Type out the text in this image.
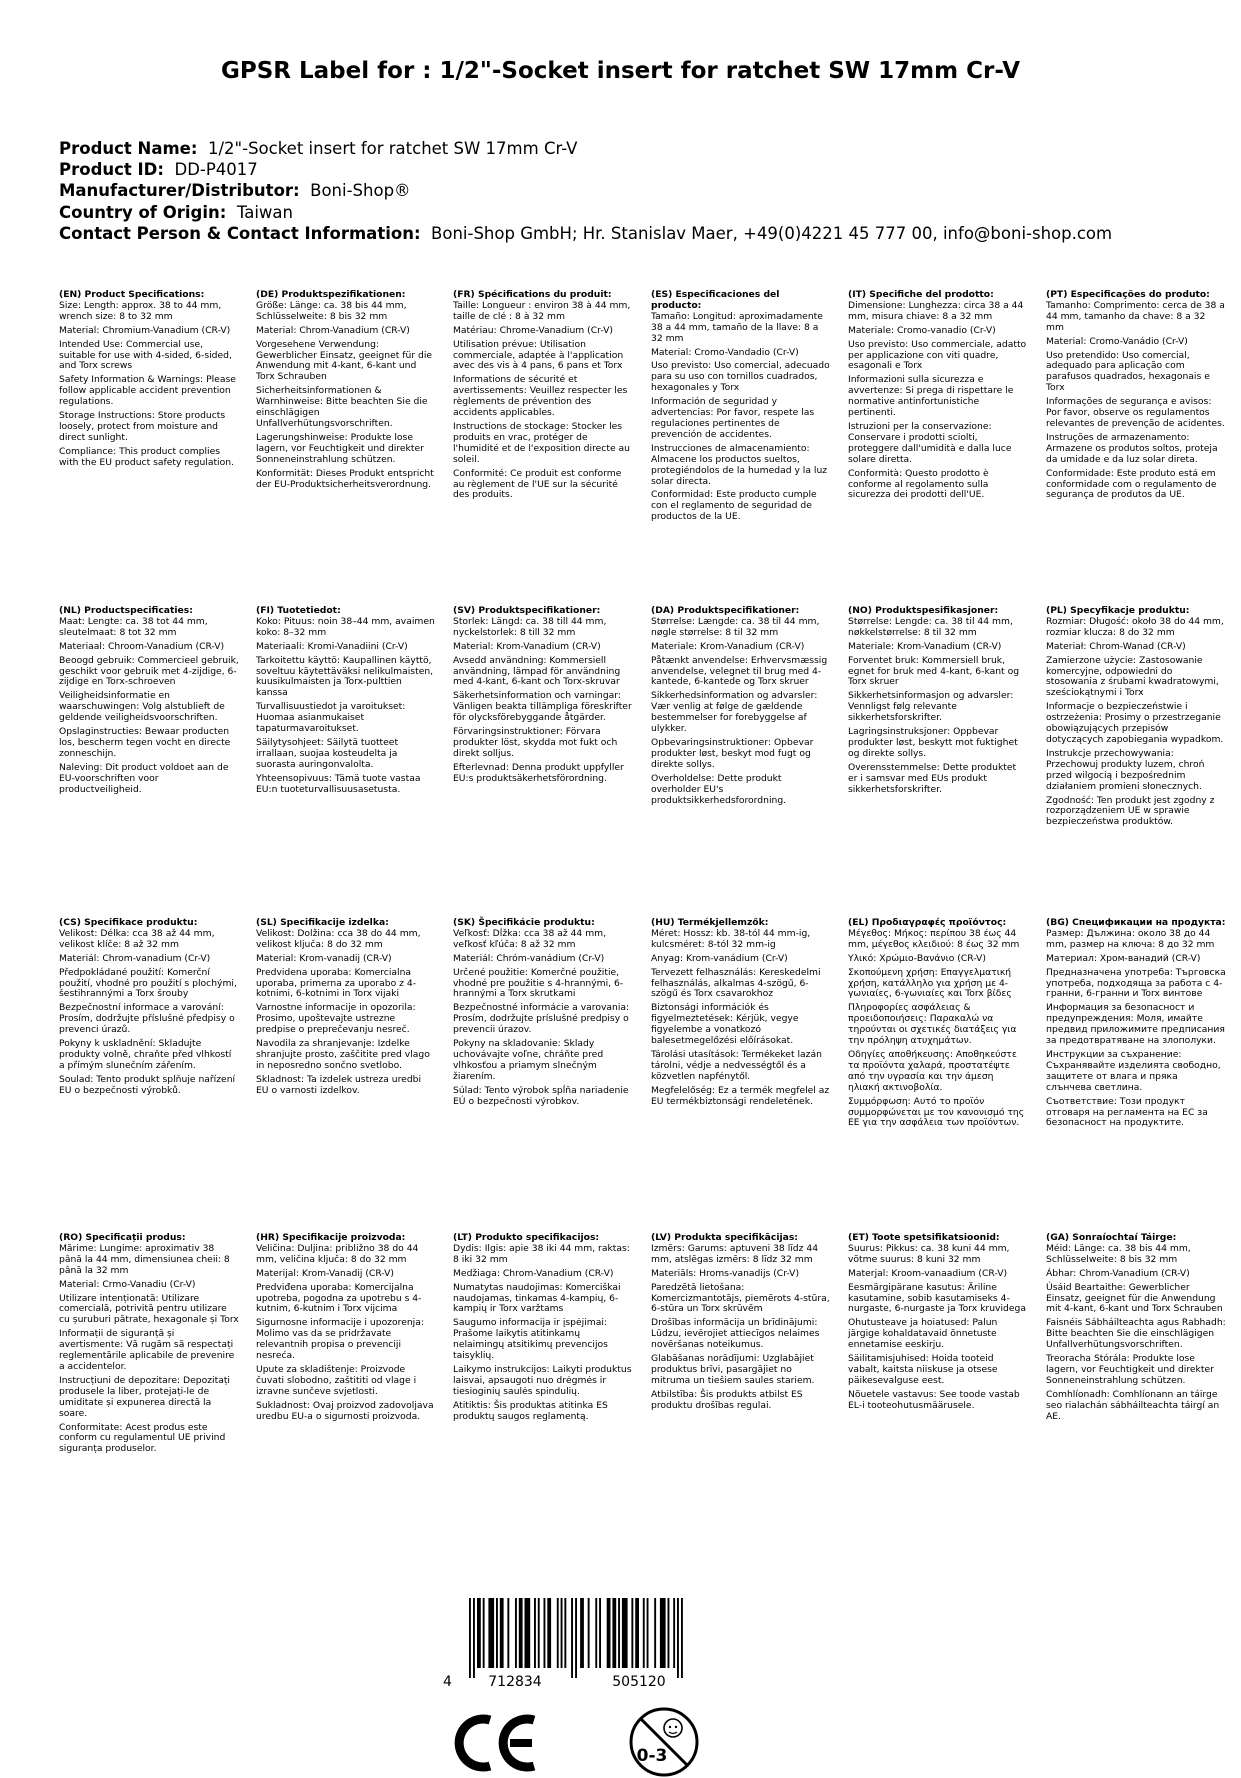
GPSR Label for : 1/2"-Socket insert for ratchet SW 17mm Cr-V
Product Name: 1/2"-Socket insert for ratchet SW 17mm Cr-V
Product ID: DD-P4017
Manufacturer/Distributor: Boni-Shop®
Country of Origin: Taiwan
Contact Person & Contact Information: Boni-Shop GmbH; Hr. Stanislav Maer, +49(0)4221 45 777 00, info@boni-shop.com
(EN) Product Specifications:
Size: Length: approx. 38 to 44 mm, wrench size: 8 to 32 mm
Material: Chromium-Vanadium (CR-V)
Intended Use: Commercial use, suitable for use with 4-sided, 6-sided, and Torx screws
Safety Information & Warnings: Please follow applicable accident prevention regulations.
Storage Instructions: Store products loosely, protect from moisture and direct sunlight.
Compliance: This product complies with the EU product safety regulation.
(DE) Produktspezifikationen:
Größe: Länge: ca. 38 bis 44 mm, Schlüsselweite: 8 bis 32 mm
Material: Chrom-Vanadium (CR-V)
Vorgesehene Verwendung: Gewerblicher Einsatz, geeignet für die Anwendung mit 4-kant, 6-kant und Torx Schrauben
Sicherheitsinformationen & Warnhinweise: Bitte beachten Sie die einschlägigen Unfallverhütungsvorschriften.
Lagerungshinweise: Produkte lose lagern, vor Feuchtigkeit und direkter Sonneneinstrahlung schützen.
Konformität: Dieses Produkt entspricht der EU-Produktsicherheitsverordnung.
(FR) Spécifications du produit:
Taille: Longueur : environ 38 à 44 mm, taille de clé : 8 à 32 mm
Matériau: Chrome-Vanadium (Cr-V)
Utilisation prévue: Utilisation commerciale, adaptée à l'application avec des vis à 4 pans, 6 pans et Torx
Informations de sécurité et avertissements: Veuillez respecter les règlements de prévention des accidents applicables.
Instructions de stockage: Stocker les produits en vrac, protéger de l'humidité et de l'exposition directe au soleil.
Conformité: Ce produit est conforme au règlement de l'UE sur la sécurité des produits.
(ES) Especificaciones del producto:
Tamaño: Longitud: aproximadamente 38 a 44 mm, tamaño de la llave: 8 a 32 mm
Material: Cromo-Vandadio (Cr-V)
Uso previsto: Uso comercial, adecuado para su uso con tornillos cuadrados, hexagonales y Torx
Información de seguridad y advertencias: Por favor, respete las regulaciones pertinentes de prevención de accidentes.
Instrucciones de almacenamiento: Almacene los productos sueltos, protegiéndolos de la humedad y la luz solar directa.
Conformidad: Este producto cumple con el reglamento de seguridad de productos de la UE.
(IT) Specifiche del prodotto:
Dimensione: Lunghezza: circa 38 a 44 mm, misura chiave: 8 a 32 mm
Materiale: Cromo-vanadio (Cr-V)
Uso previsto: Uso commerciale, adatto per applicazione con viti quadre, esagonali e Torx
Informazioni sulla sicurezza e avvertenze: Si prega di rispettare le normative antinfortunistiche pertinenti.
Istruzioni per la conservazione: Conservare i prodotti sciolti, proteggere dall'umidità e dalla luce solare diretta.
Conformità: Questo prodotto è conforme al regolamento sulla sicurezza dei prodotti dell'UE.
(PT) Especificações do produto:
Tamanho: Comprimento: cerca de 38 a 44 mm, tamanho da chave: 8 a 32 mm
Material: Cromo-Vanádio (Cr-V)
Uso pretendido: Uso comercial, adequado para aplicação com parafusos quadrados, hexagonais e Torx
Informações de segurança e avisos: Por favor, observe os regulamentos relevantes de prevenção de acidentes.
Instruções de armazenamento: Armazene os produtos soltos, proteja da umidade e da luz solar direta.
Conformidade: Este produto está em conformidade com o regulamento de segurança de produtos da UE.
(NL) Productspecificaties:
Maat: Lengte: ca. 38 tot 44 mm, sleutelmaat: 8 tot 32 mm
Materiaal: Chroom-Vanadium (CR-V)
Beoogd gebruik: Commercieel gebruik, geschikt voor gebruik met 4-zijdige, 6-zijdige en Torx-schroeven
Veiligheidsinformatie en waarschuwingen: Volg alstublieft de geldende veiligheidsvoorschriften.
Opslaginstructies: Bewaar producten los, bescherm tegen vocht en directe zonneschijn.
Naleving: Dit product voldoet aan de EU-voorschriften voor productveiligheid.
(FI) Tuotetiedot:
Koko: Pituus: noin 38–44 mm, avaimen koko: 8–32 mm
Materiaali: Kromi-Vanadiini (Cr-V)
Tarkoitettu käyttö: Kaupallinen käyttö, soveltuu käytettäväksi nelikulmaisten, kuusikulmaisten ja Torx-pulttien kanssa
Turvallisuustiedot ja varoitukset: Huomaa asianmukaiset tapaturmavaroitukset.
Säilytysohjeet: Säilytä tuotteet irrallaan, suojaa kosteudelta ja suorasta auringonvalolta.
Yhteensopivuus: Tämä tuote vastaa EU:n tuoteturvallisuusasetusta.
(SV) Produktspecifikationer:
Storlek: Längd: ca. 38 till 44 mm, nyckelstorlek: 8 till 32 mm
Material: Krom-Vanadium (CR-V)
Avsedd användning: Kommersiell användning, lämpad för användning med 4-kant, 6-kant och Torx-skruvar
Säkerhetsinformation och varningar: Vänligen beakta tillämpliga föreskrifter för olycksförebyggande åtgärder.
Förvaringsinstruktioner: Förvara produkter löst, skydda mot fukt och direkt solljus.
Efterlevnad: Denna produkt uppfyller EU:s produktsäkerhetsförordning.
(DA) Produktspecifikationer:
Størrelse: Længde: ca. 38 til 44 mm, nøgle størrelse: 8 til 32 mm
Materiale: Krom-Vanadium (CR-V)
Påtænkt anvendelse: Erhvervsmæssig anvendelse, velegnet til brug med 4-kantede, 6-kantede og Torx skruer
Sikkerhedsinformation og advarsler: Vær venlig at følge de gældende bestemmelser for forebyggelse af ulykker.
Opbevaringsinstruktioner: Opbevar produkter løst, beskyt mod fugt og direkte sollys.
Overholdelse: Dette produkt overholder EU's produktsikkerhedsforordning.
(NO) Produktspesifikasjoner:
Størrelse: Lengde: ca. 38 til 44 mm, nøkkelstørrelse: 8 til 32 mm
Materiale: Krom-Vanadium (CR-V)
Forventet bruk: Kommersiell bruk, egnet for bruk med 4-kant, 6-kant og Torx skruer
Sikkerhetsinformasjon og advarsler: Vennligst følg relevante sikkerhetsforskrifter.
Lagringsinstruksjoner: Oppbevar produkter løst, beskytt mot fuktighet og direkte sollys.
Overensstemmelse: Dette produktet er i samsvar med EUs produkt sikkerhetsforskrifter.
(PL) Specyfikacje produktu:
Rozmiar: Długość: około 38 do 44 mm, rozmiar klucza: 8 do 32 mm
Materiał: Chrom-Wanad (CR-V)
Zamierzone użycie: Zastosowanie komercyjne, odpowiedni do stosowania z śrubami kwadratowymi, sześciokątnymi i Torx
Informacje o bezpieczeństwie i ostrzeżenia: Prosimy o przestrzeganie obowiązujących przepisów dotyczących zapobiegania wypadkom.
Instrukcje przechowywania: Przechowuj produkty luzem, chroń przed wilgocią i bezpośrednim działaniem promieni słonecznych.
Zgodność: Ten produkt jest zgodny z rozporządzeniem UE w sprawie bezpieczeństwa produktów.
(CS) Specifikace produktu:
Velikost: Délka: cca 38 až 44 mm, velikost klíče: 8 až 32 mm
Materiál: Chrom-vanadium (Cr-V)
Předpokládané použití: Komerční použití, vhodné pro použití s plochými, šestihrannými a Torx šrouby
Bezpečnostní informace a varování: Prosím, dodržujte příslušné předpisy o prevenci úrazů.
Pokyny k uskladnění: Skladujte produkty volně, chraňte před vlhkostí a přímým slunečním zářením.
Soulad: Tento produkt splňuje nařízení EU o bezpečnosti výrobků.
(SL) Specifikacije izdelka:
Velikost: Dolžina: cca 38 do 44 mm, velikost ključa: 8 do 32 mm
Material: Krom-vanadij (CR-V)
Predvidena uporaba: Komercialna uporaba, primerna za uporabo z 4-kotnimi, 6-kotnimi in Torx vijaki
Varnostne informacije in opozorila: Prosimo, upoštevajte ustrezne predpise o preprečevanju nesreč.
Navodila za shranjevanje: Izdelke shranjujte prosto, zaščitite pred vlago in neposredno sončno svetlobo.
Skladnost: Ta izdelek ustreza uredbi EU o varnosti izdelkov.
(SK) Špecifikácie produktu:
Veľkosť: Dĺžka: cca 38 až 44 mm, veľkosť kľúča: 8 až 32 mm
Materiál: Chróm-vanádium (Cr-V)
Určené použitie: Komerčné použitie, vhodné pre použitie s 4-hrannými, 6-hrannými a Torx skrutkami
Bezpečnostné informácie a varovania: Prosím, dodržujte príslušné predpisy o prevencii úrazov.
Pokyny na skladovanie: Sklady uchovávajte voľne, chráňte pred vlhkosťou a priamym slnečným žiarením.
Súlad: Tento výrobok spĺňa nariadenie EÚ o bezpečnosti výrobkov.
(HU) Termékjellemzők:
Méret: Hossz: kb. 38-tól 44 mm-ig, kulcsméret: 8-tól 32 mm-ig
Anyag: Krom-vanádium (Cr-V)
Tervezett felhasználás: Kereskedelmi felhasználás, alkalmas 4-szögű, 6-szögű és Torx csavarokhoz
Biztonsági információk és figyelmeztetések: Kérjük, vegye figyelembe a vonatkozó balesetmegelőzési előírásokat.
Tárolási utasítások: Termékeket lazán tárolni, védje a nedvességtől és a közvetlen napfénytől.
Megfelelőség: Ez a termék megfelel az EU termékbiztonsági rendeletének.
(EL) Προδιαγραφές προϊόντος:
Μέγεθος: Μήκος: περίπου 38 έως 44 mm, μέγεθος κλειδιού: 8 έως 32 mm
Υλικό: Χρώμιο-Βανάνιο (CR-V)
Σκοπούμενη χρήση: Επαγγελματική χρήση, κατάλληλο για χρήση με 4-γωνιαίες, 6-γωνιαίες και Torx βίδες
Πληροφορίες ασφάλειας & προειδοποιήσεις: Παρακαλώ να τηρούνται οι σχετικές διατάξεις για την πρόληψη ατυχημάτων.
Οδηγίες αποθήκευσης: Αποθηκεύστε τα προϊόντα χαλαρά, προστατέψτε από την υγρασία και την άμεση ηλιακή ακτινοβολία.
Συμμόρφωση: Αυτό το προϊόν συμμορφώνεται με τον κανονισμό της ΕΕ για την ασφάλεια των προϊόντων.
(BG) Спецификации на продукта:
Размер: Дължина: около 38 до 44 mm, размер на ключа: 8 до 32 mm
Материал: Хром-ванадий (CR-V)
Предназначена употреба: Търговска употреба, подходяща за работа с 4-гранни, 6-гранни и Torx винтове
Информация за безопасност и предупреждения: Моля, имайте предвид приложимите предписания за предотвратяване на злополуки.
Инструкции за съхранение: Съхранявайте изделията свободно, защитете от влага и пряка слънчева светлина.
Съответствие: Този продукт отговаря на регламента на ЕС за безопасност на продуктите.
(RO) Specificații produs:
Mărime: Lungime: aproximativ 38 până la 44 mm, dimensiunea cheii: 8 până la 32 mm
Material: Crmo-Vanadiu (Cr-V)
Utilizare intenționată: Utilizare comercială, potrivită pentru utilizare cu șuruburi pătrate, hexagonale și Torx
Informații de siguranță și avertismente: Vă rugăm să respectați reglementările aplicabile de prevenire a accidentelor.
Instrucțiuni de depozitare: Depozitați produsele la liber, protejați-le de umiditate și expunerea directă la soare.
Conformitate: Acest produs este conform cu regulamentul UE privind siguranța produselor.
(HR) Specifikacije proizvoda:
Veličina: Duljina: približno 38 do 44 mm, veličina ključa: 8 do 32 mm
Materijal: Krom-Vanadij (CR-V)
Predviđena uporaba: Komercijalna upotreba, pogodna za upotrebu s 4-kutnim, 6-kutnim i Torx vijcima
Sigurnosne informacije i upozorenja: Molimo vas da se pridržavate relevantnih propisa o prevenciji nesreća.
Upute za skladištenje: Proizvode čuvati slobodno, zaštititi od vlage i izravne sunčeve svjetlosti.
Sukladnost: Ovaj proizvod zadovoljava uredbu EU-a o sigurnosti proizvoda.
(LT) Produkto specifikacijos:
Dydis: Ilgis: apie 38 iki 44 mm, raktas: 8 iki 32 mm
Medžiaga: Chrom-Vanadium (CR-V)
Numatytas naudojimas: Komerciškai naudojamas, tinkamas 4-kampių, 6-kampių ir Torx varžtams
Saugumo informacija ir įspėjimai: Prašome laikytis atitinkamų nelaimingų atsitikimų prevencijos taisyklių.
Laikymo instrukcijos: Laikyti produktus laisvai, apsaugoti nuo drėgmės ir tiesioginių saulės spindulių.
Atitiktis: Šis produktas atitinka ES produktų saugos reglamentą.
(LV) Produkta specifikācijas:
Izmērs: Garums: aptuveni 38 līdz 44 mm, atslēgas izmērs: 8 līdz 32 mm
Materiāls: Hroms-vanadijs (Cr-V)
Paredzētā lietošana: Komercizmantotājs, piemērots 4-stūra, 6-stūra un Torx skrūvēm
Drošības informācija un brīdinājumi: Lūdzu, ievērojiet attiecīgos nelaimes novēršanas noteikumus.
Glabāšanas norādījumi: Uzglabājiet produktus brīvi, pasargājiet no mitruma un tiešiem saules stariem.
Atbilstība: Šis produkts atbilst ES produktu drošības regulai.
(ET) Toote spetsifikatsioonid:
Suurus: Pikkus: ca. 38 kuni 44 mm, võtme suurus: 8 kuni 32 mm
Materjal: Kroom-vanaadium (CR-V)
Eesmärgipärane kasutus: Äriline kasutamine, sobib kasutamiseks 4-nurgaste, 6-nurgaste ja Torx kruvidega
Ohutusteave ja hoiatused: Palun järgige kohaldatavaid õnnetuste ennetamise eeskirju.
Säilitamisjuhised: Hoida tooteid vabalt, kaitsta niiskuse ja otsese päikesevalguse eest.
Nõuetele vastavus: See toode vastab EL-i tooteohutusmäärusele.
(GA) Sonraíochtaí Táirge:
Méid: Länge: ca. 38 bis 44 mm, Schlüsselweite: 8 bis 32 mm
Ábhar: Chrom-Vanadium (CR-V)
Úsáid Beartaithe: Gewerblicher Einsatz, geeignet für die Anwendung mit 4-kant, 6-kant und Torx Schrauben
Faisnéis Sábháilteachta agus Rabhadh: Bitte beachten Sie die einschlägigen Unfallverhütungsvorschriften.
Treoracha Stórála: Produkte lose lagern, vor Feuchtigkeit und direkter Sonneneinstrahlung schützen.
Comhlíonadh: Comhlíonann an táirge seo rialachán sábháilteachta táirgí an AE.
4	712834	505120
0-3
